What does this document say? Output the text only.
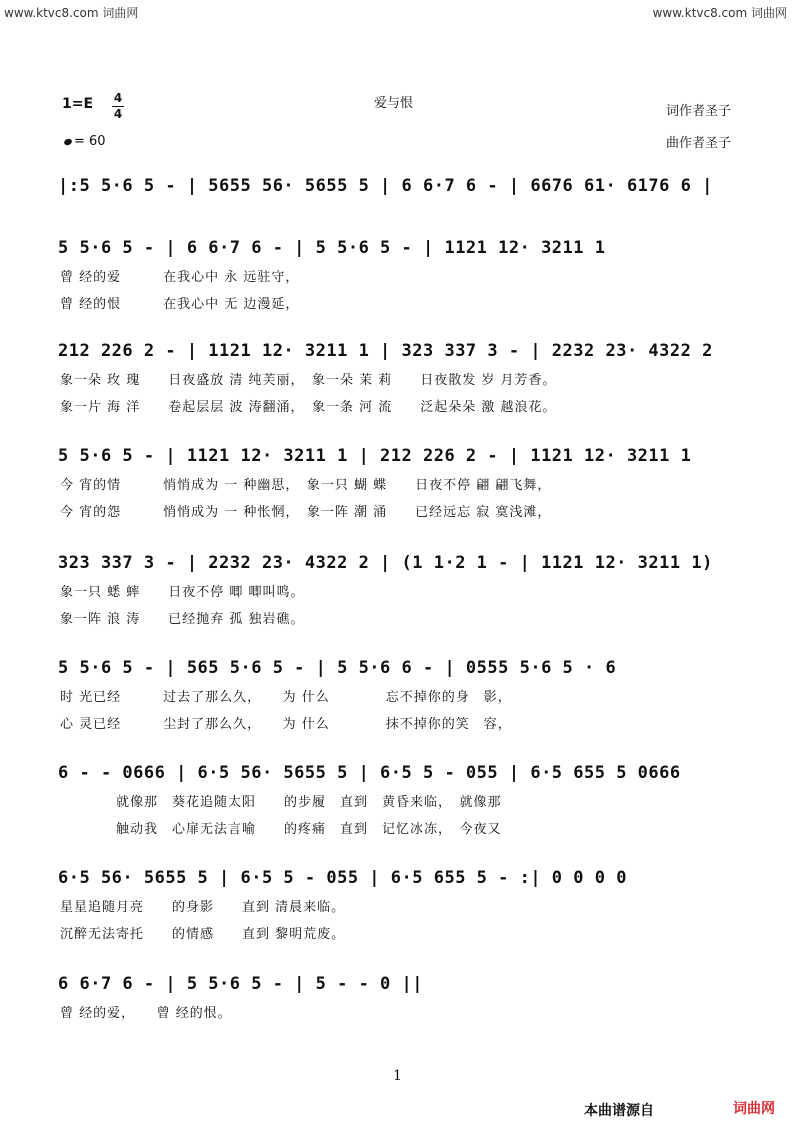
www.ktvc8.com 词曲网	www.ktvc8.com 词曲网
1=E 4
4
= 60
爱与恨
词作者圣子
曲作者圣子
|:5 5·6 5 - | 5655 56· 5655 5 | 6 6·7 6 - | 6676 61· 6176 6 |
5 5·6 5 - | 6 6·7 6 - | 5 5·6 5 - | 1121 12· 3211 1
曾 经的爱　　　在我心中 永 远驻守，
曾 经的恨　　　在我心中 无 边漫延，
212 226 2 - | 1121 12· 3211 1 | 323 337 3 - | 2232 23· 4322 2
象一朵 玫 瑰　　日夜盛放 清 纯芙丽，　象一朵 茉 莉　　日夜散发 岁 月芳香。
象一片 海 洋　　卷起层层 波 涛翻涌，　象一条 河 流　　泛起朵朵 激 越浪花。
5 5·6 5 - | 1121 12· 3211 1 | 212 226 2 - | 1121 12· 3211 1
今 宵的情　　　悄悄成为 一 种幽思，　象一只 蝴 蝶　　日夜不停 翩 翩飞舞，
今 宵的怨　　　悄悄成为 一 种怅惘，　象一阵 潮 涌　　已经远忘 寂 寞浅滩，
323 337 3 - | 2232 23· 4322 2 | (1 1·2 1 - | 1121 12· 3211 1)
象一只 蟋 蟀　　日夜不停 唧 唧叫鸣。
象一阵 浪 涛　　已经抛弃 孤 独岩礁。
5 5·6 5 - | 565 5·6 5 - | 5 5·6 6 - | 0555 5·6 5 · 6
时 光已经　　　过去了那么久，　　为 什么　　　　忘不掉你的身　影，
心 灵已经　　　尘封了那么久，　　为 什么　　　　抹不掉你的笑　容，
6 - - 0666 | 6·5 56· 5655 5 | 6·5 5 - 055 | 6·5 655 5 0666
　　　　就像那　葵花追随太阳　　的步履　直到　黄昏来临，　就像那
　　　　触动我　心扉无法言喻　　的疼痛　直到　记忆冰冻，　今夜又
6·5 56· 5655 5 | 6·5 5 - 055 | 6·5 655 5 - :| 0 0 0 0
星星追随月亮　　的身影　　直到 清晨来临。
沉醉无法寄托　　的情感　　直到 黎明荒废。
6 6·7 6 - | 5 5·6 5 - | 5 - - 0 ||
曾 经的爱，　　曾 经的恨。
1
本曲谱源自	词曲网
